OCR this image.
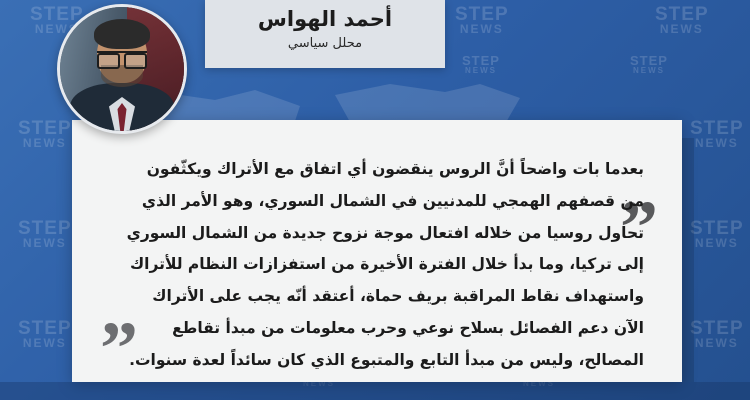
STEP
NEWS
STEP
NEWS
STEP
NEWS
STEP
NEWS
STEP
NEWS
STEP
NEWS
STEP
NEWS
STEP
NEWS
STEP
NEWS
STEP
NEWS
STEP
NEWS
NEWS	NEWS
”
بعدما بات واضحاً أنَّ الروس ينقضون أي اتفاق مع الأتراك ويكثّفون من قصفهم الهمجي للمدنيين في الشمال السوري، وهو الأمر الذي تحاول روسيا من خلاله افتعال موجة نزوح جديدة من الشمال السوري إلى تركيا، وما بدأ خلال الفترة الأخيرة من استفزازات النظام للأتراك واستهداف نقاط المراقبة بريف حماة، أعتقد أنّه يجب على الأتراك الآن دعم الفصائل بسلاح نوعي وحرب معلومات من مبدأ تقاطع المصالح، وليس من مبدأ التابع والمتبوع الذي كان سائداً لعدة سنوات.
”
أحمد الهواس
محلل سياسي
